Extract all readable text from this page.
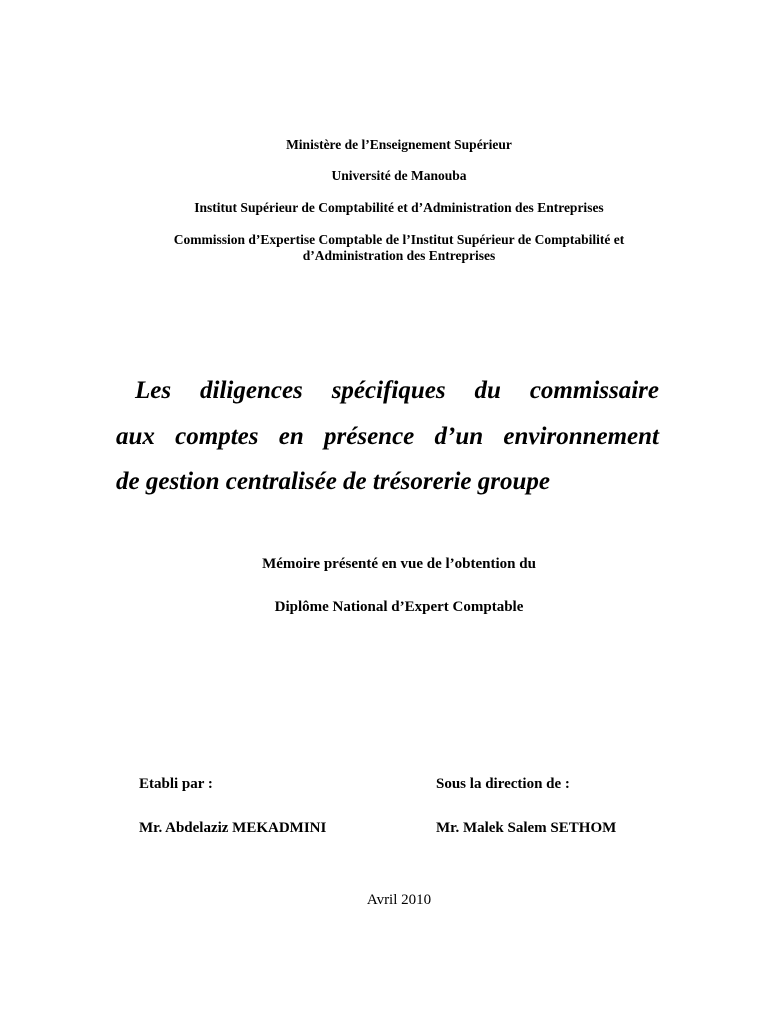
Ministère de l’Enseignement Supérieur
Université de Manouba
Institut Supérieur de Comptabilité et d’Administration des Entreprises
Commission d’Expertise Comptable de l’Institut Supérieur de Comptabilité et
d’Administration des Entreprises
Les diligences spécifiques du commissaire
aux comptes en présence d’un environnement
de gestion centralisée de trésorerie groupe
Mémoire présenté en vue de l’obtention du
Diplôme National d’Expert Comptable
Etabli par :	Sous la direction de :
Mr. Abdelaziz MEKADMINI	Mr. Malek Salem SETHOM
Avril 2010
